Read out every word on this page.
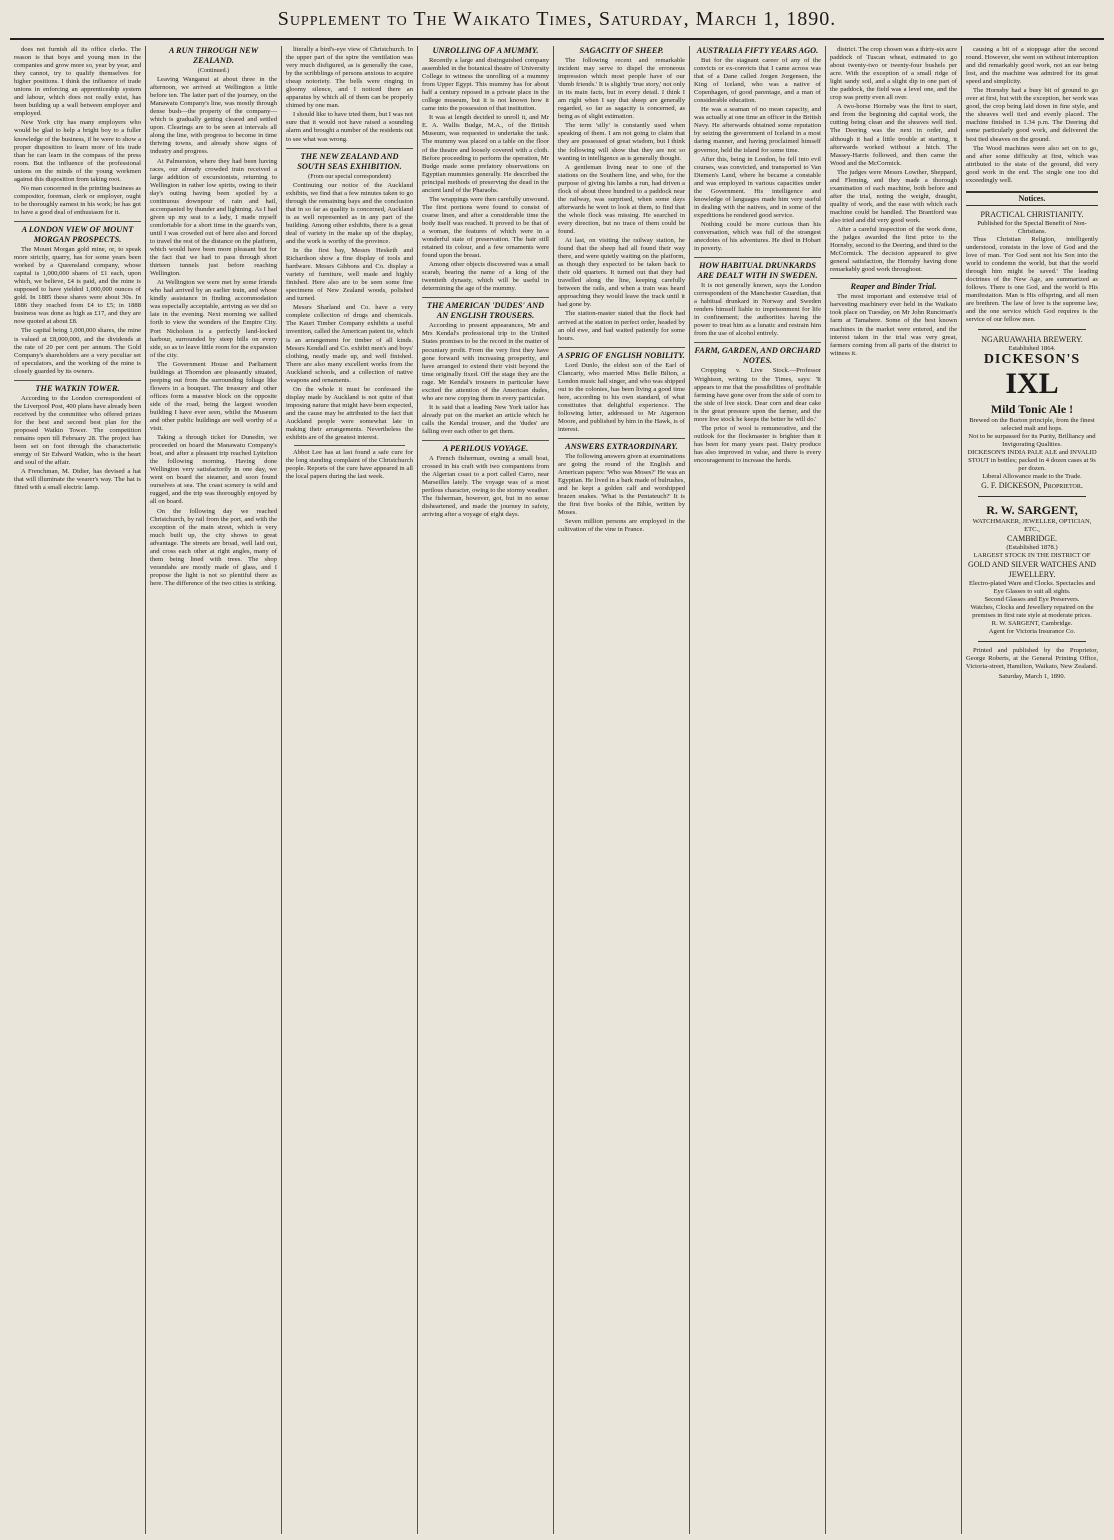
Supplement to The Waikato Times, Saturday, March 1, 1890.

does not furnish all its office clerks. The reason is that boys and young men in the companies and grow more so, year by year, and they cannot, try to qualify themselves for higher positions. I think the influence of trade unions in enforcing an apprenticeship system and labour, which does not really exist, has been building up a wall between employer and employed.

New York city has many employers who would be glad to help a bright boy to a fuller knowledge of the business, if he were to show a proper disposition to learn more of his trade than he can learn in the compass of the press room. But the influence of the professional unions on the minds of the young workmen against this disposition from taking root.

No man concerned in the printing business as compositor, foreman, clerk or employer, ought to be thoroughly earnest in his work; he has got to have a good deal of enthusiasm for it.

A LONDON VIEW OF MOUNT MORGAN PROSPECTS.

The Mount Morgan gold mine, or, to speak more strictly, quarry, has for some years been worked by a Queensland company, whose capital is 1,000,000 shares of £1 each, upon which, we believe, £4 is paid, and the mine is supposed to have yielded 1,000,000 ounces of gold. In 1885 these shares were about 30s. In 1886 they reached from £4 to £5; in 1888 business was done as high as £17, and they are now quoted at about £8.

The capital being 1,000,000 shares, the mine is valued at £8,000,000, and the dividends at the rate of 20 per cent per annum. The Gold Company's shareholders are a very peculiar set of speculators, and the working of the mine is closely guarded by its owners.

THE WATKIN TOWER.

According to the London correspondent of the Liverpool Post, 400 plans have already been received by the committee who offered prizes for the best and second best plan for the proposed Watkin Tower. The competition remains open till February 28. The project has been set on foot through the characteristic energy of Sir Edward Watkin, who is the heart and soul of the affair.

A Frenchman, M. Didier, has devised a hat that will illuminate the wearer's way. The hat is fitted with a small electric lamp.

A RUN THROUGH NEW ZEALAND.

(Continued.)

Leaving Wanganui at about three in the afternoon, we arrived at Wellington a little before ten. The latter part of the journey, on the Manawatu Company's line, was mostly through dense bush—the property of the company—which is gradually getting cleared and settled upon. Clearings are to be seen at intervals all along the line, with progress to become in time thriving towns, and already show signs of industry and progress.

At Palmerston, where they had been having races, our already crowded train received a large addition of excursionists, returning to Wellington in rather low spirits, owing to their day's outing having been spoiled by a continuous downpour of rain and hail, accompanied by thunder and lightning. As I had given up my seat to a lady, I made myself comfortable for a short time in the guard's van, until I was crowded out of here also and forced to travel the rest of the distance on the platform, which would have been more pleasant but for the fact that we had to pass through short thirteen tunnels just before reaching Wellington.

At Wellington we were met by some friends who had arrived by an earlier train, and whose kindly assistance in finding accommodation was especially acceptable, arriving as we did so late in the evening. Next morning we sallied forth to view the wonders of the Empire City. Port Nicholson is a perfectly land-locked harbour, surrounded by steep hills on every side, so as to leave little room for the expansion of the city.

The Government House and Parliament buildings at Thorndon are pleasantly situated, peeping out from the surrounding foliage like flowers in a bouquet. The treasury and other offices form a massive block on the opposite side of the road, being the largest wooden building I have ever seen, whilst the Museum and other public buildings are well worthy of a visit.

Taking a through ticket for Dunedin, we proceeded on board the Manawatu Company's boat, and after a pleasant trip reached Lyttelton the following morning. Having done Wellington very satisfactorily in one day, we went on board the steamer, and soon found ourselves at sea. The coast scenery is wild and rugged, and the trip was thoroughly enjoyed by all on board.

On the following day we reached Christchurch, by rail from the port, and with the exception of the main street, which is very much built up, the city shows to great advantage. The streets are broad, well laid out, and cross each other at right angles, many of them being lined with trees. The shop verandahs are mostly made of glass, and I propose the light is not so plentiful there as here. The difference of the two cities is striking.

literally a bird's-eye view of Christchurch. In the upper part of the spire the ventilation was very much disfigured, as is generally the case, by the scribblings of persons anxious to acquire cheap notoriety. The bells were ringing in gloomy silence, and I noticed there an apparatus by which all of them can be properly chimed by one man.

I should like to have tried them, but I was not sure that it would not have raised a sounding alarm and brought a number of the residents out to see what was wrong.

THE NEW ZEALAND AND SOUTH SEAS EXHIBITION.

(From our special correspondent)

Continuing our notice of the Auckland exhibits, we find that a few minutes taken to go through the remaining bays and the conclusion that in so far as quality is concerned, Auckland is as well represented as in any part of the building. Among other exhibits, there is a great deal of variety in the make up of the display, and the work is worthy of the province.

In the first bay, Messrs Hesketh and Richardson show a fine display of tools and hardware. Messrs Gibbons and Co. display a variety of furniture, well made and highly finished. Here also are to be seen some fine specimens of New Zealand woods, polished and turned.

Messrs Sharland and Co. have a very complete collection of drugs and chemicals. The Kauri Timber Company exhibits a useful invention, called the American patent tie, which is an arrangement for timber of all kinds. Messrs Kendall and Co. exhibit men's and boys' clothing, neatly made up, and well finished. There are also many excellent works from the Auckland schools, and a collection of native weapons and ornaments.

On the whole it must be confessed the display made by Auckland is not quite of that imposing nature that might have been expected, and the cause may be attributed to the fact that Auckland people were somewhat late in making their arrangements. Nevertheless the exhibits are of the greatest interest.

Abbot Lee has at last found a safe cure for the long standing complaint of the Christchurch people. Reports of the cure have appeared in all the local papers during the last week.

UNROLLING OF A MUMMY.

Recently a large and distinguished company assembled in the botanical theatre of University College to witness the unrolling of a mummy from Upper Egypt. This mummy has for about half a century reposed in a private place in the college museum, but it is not known how it came into the possession of that institution.

It was at length decided to unroll it, and Mr E. A. Wallis Budge, M.A., of the British Museum, was requested to undertake the task. The mummy was placed on a table on the floor of the theatre and loosely covered with a cloth. Before proceeding to perform the operation, Mr Budge made some prefatory observations on Egyptian mummies generally. He described the principal methods of preserving the dead in the ancient land of the Pharaohs.

The wrappings were then carefully unwound. The first portions were found to consist of coarse linen, and after a considerable time the body itself was reached. It proved to be that of a woman, the features of which were in a wonderful state of preservation. The hair still retained its colour, and a few ornaments were found upon the breast.

Among other objects discovered was a small scarab, bearing the name of a king of the twentieth dynasty, which will be useful in determining the age of the mummy.

THE AMERICAN 'DUDES' AND AN ENGLISH TROUSERS.

According to present appearances, Mr and Mrs Kendal's professional trip to the United States promises to be the record in the matter of pecuniary profit. From the very first they have gone forward with increasing prosperity, and have arranged to extend their visit beyond the time originally fixed. Off the stage they are the rage. Mr Kendal's trousers in particular have excited the attention of the American dudes, who are now copying them in every particular.

It is said that a leading New York tailor has already put on the market an article which he calls the Kendal trouser, and the 'dudes' are falling over each other to get them.

A PERILOUS VOYAGE.

A French fisherman, owning a small boat, crossed in his craft with two companions from the Algerian coast to a port called Carro, near Marseilles lately. The voyage was of a most perilous character, owing to the stormy weather. The fisherman, however, got, but in no sense disheartened, and made the journey in safety, arriving after a voyage of eight days.

SAGACITY OF SHEEP.

The following recent and remarkable incident may serve to dispel the erroneous impression which most people have of our 'dumb friends.' It is slightly 'true story,' not only in its main facts, but in every detail. I think I am right when I say that sheep are generally regarded, so far as sagacity is concerned, as being as of slight estimation.

The term 'silly' is constantly used when speaking of them. I am not going to claim that they are possessed of great wisdom, but I think the following will show that they are not so wanting in intelligence as is generally thought.

A gentleman living near to one of the stations on the Southern line, and who, for the purpose of giving his lambs a run, had driven a flock of about three hundred to a paddock near the railway, was surprised, when some days afterwards he went to look at them, to find that the whole flock was missing. He searched in every direction, but no trace of them could be found.

At last, on visiting the railway station, he found that the sheep had all found their way there, and were quietly waiting on the platform, as though they expected to be taken back to their old quarters. It turned out that they had travelled along the line, keeping carefully between the rails, and when a train was heard approaching they would leave the track until it had gone by.

The station-master stated that the flock had arrived at the station in perfect order, headed by an old ewe, and had waited patiently for some hours.

A SPRIG OF ENGLISH NOBILITY.

Lord Dunlo, the eldest son of the Earl of Clancarty, who married Miss Belle Bilton, a London music hall singer, and who was shipped out to the colonies, has been living a good time here, according to his own standard, of what constitutes that delightful experience. The following letter, addressed to Mr Aigernon Moore, and published by him in the Hawk, is of interest.

ANSWERS EXTRAORDINARY.

The following answers given at examinations are going the round of the English and American papers: 'Who was Moses?' He was an Egyptian. He lived in a bark made of bulrushes, and he kept a golden calf and worshipped brazen snakes. 'What is the Pentateuch?' It is the first five books of the Bible, written by Moses.

Seven million persons are employed in the cultivation of the vine in France.

AUSTRALIA FIFTY YEARS AGO.

But for the stagnant career of any of the convicts or ex-convicts that I came across was that of a Dane called Jorgen Jorgensen, the King of Iceland, who was a native of Copenhagen, of good parentage, and a man of considerable education.

He was a seaman of no mean capacity, and was actually at one time an officer in the British Navy. He afterwards obtained some reputation by seizing the government of Iceland in a most daring manner, and having proclaimed himself governor, held the island for some time.

After this, being in London, he fell into evil courses, was convicted, and transported to Van Diemen's Land, where he became a constable and was employed in various capacities under the Government. His intelligence and knowledge of languages made him very useful in dealing with the natives, and in some of the expeditions he rendered good service.

Nothing could be more curious than his conversation, which was full of the strangest anecdotes of his adventures. He died in Hobart in poverty.

HOW HABITUAL DRUNKARDS ARE DEALT WITH IN SWEDEN.

It is not generally known, says the London correspondent of the Manchester Guardian, that a habitual drunkard in Norway and Sweden renders himself liable to imprisonment for life in confinement; the authorities having the power to treat him as a lunatic and restrain him from the use of alcohol entirely.

FARM, GARDEN, AND ORCHARD NOTES.

Cropping v. Live Stock.—Professor Wrightson, writing to the Times, says: 'It appears to me that the possibilities of profitable farming have gone over from the side of corn to the side of live stock. Dear corn and dear cake is the great pressure upon the farmer, and the more live stock he keeps the better he will do.'

The price of wool is remunerative, and the outlook for the flockmaster is brighter than it has been for many years past. Dairy produce has also improved in value, and there is every encouragement to increase the herds.

district. The crop chosen was a thirty-six acre paddock of Tuscan wheat, estimated to go about twenty-two or twenty-four bushels per acre. With the exception of a small ridge of light sandy soil, and a slight dip in one part of the paddock, the field was a level one, and the crop was pretty even all over.

A two-horse Hornsby was the first to start, and from the beginning did capital work, the cutting being clean and the sheaves well tied. The Deering was the next in order, and although it had a little trouble at starting, it afterwards worked without a hitch. The Massey-Harris followed, and then came the Wood and the McCormick.

The judges were Messrs Lowther, Sheppard, and Fleming, and they made a thorough examination of each machine, both before and after the trial, noting the weight, draught, quality of work, and the ease with which each machine could be handled. The Brantford was also tried and did very good work.

After a careful inspection of the work done, the judges awarded the first prize to the Hornsby, second to the Deering, and third to the McCormick. The decision appeared to give general satisfaction, the Hornsby having done remarkably good work throughout.

Reaper and Binder Trial.

The most important and extensive trial of harvesting machinery ever held in the Waikato took place on Tuesday, on Mr John Runciman's farm at Tamahere. Some of the best known machines in the market were entered, and the interest taken in the trial was very great, farmers coming from all parts of the district to witness it.

causing a bit of a stoppage after the second round. However, she went on without interruption and did remarkably good work, not an ear being lost, and the machine was admired for its great speed and simplicity.

The Hornsby had a busy bit of ground to go over at first, but with the exception, her work was good, the crop being laid down in fine style, and the sheaves well tied and evenly placed. The machine finished in 1.34 p.m. The Deering did some particularly good work, and delivered the best tied sheaves on the ground.

The Wood machines were also set on to go, and after some difficulty at first, which was attributed to the state of the ground, did very good work in the end. The single one too did exceedingly well.

Notices.
PRACTICAL CHRISTIANITY.
Published for the Special Benefit of Non-Christians.

Thus Christian Religion, intelligently understood, consists in the love of God and the love of man. 'For God sent not his Son into the world to condemn the world, but that the world through him might be saved.' The leading doctrines of the New Age, are summarized as follows. There is one God, and the world is His manifestation. Man is His offspring, and all men are brethren. The law of love is the supreme law, and the one service which God requires is the service of our fellow men.

NGARUAWAHIA BREWERY.
Established 1864.
DICKESON'S
IXL
Mild Tonic Ale !
Brewed on the Burton principle, from the finest selected malt and hops.
Not to be surpassed for its Purity, Brilliancy and Invigorating Qualities.
DICKESON'S INDIA PALE ALE and INVALID STOUT in bottles; packed in 4 dozen cases at 9s per dozen.
Liberal Allowance made to the Trade.
G. F. DICKESON, Proprietor.
R. W. SARGENT,
WATCHMAKER, JEWELLER, OPTICIAN, ETC.,
CAMBRIDGE.
(Established 1878.)
LARGEST STOCK IN THE DISTRICT OF
GOLD AND SILVER WATCHES AND JEWELLERY.
Electro-plated Ware and Clocks. Spectacles and Eye Glasses to suit all sights.
Second Glasses and Eye Preservers.
Watches, Clocks and Jewellery repaired on the premises in first rate style at moderate prices.
R. W. SARGENT, Cambridge.
Agent for Victoria Insurance Co.

Printed and published by the Proprietor, George Roberts, at the General Printing Office, Victoria-street, Hamilton, Waikato, New Zealand.

Saturday, March 1, 1890.
